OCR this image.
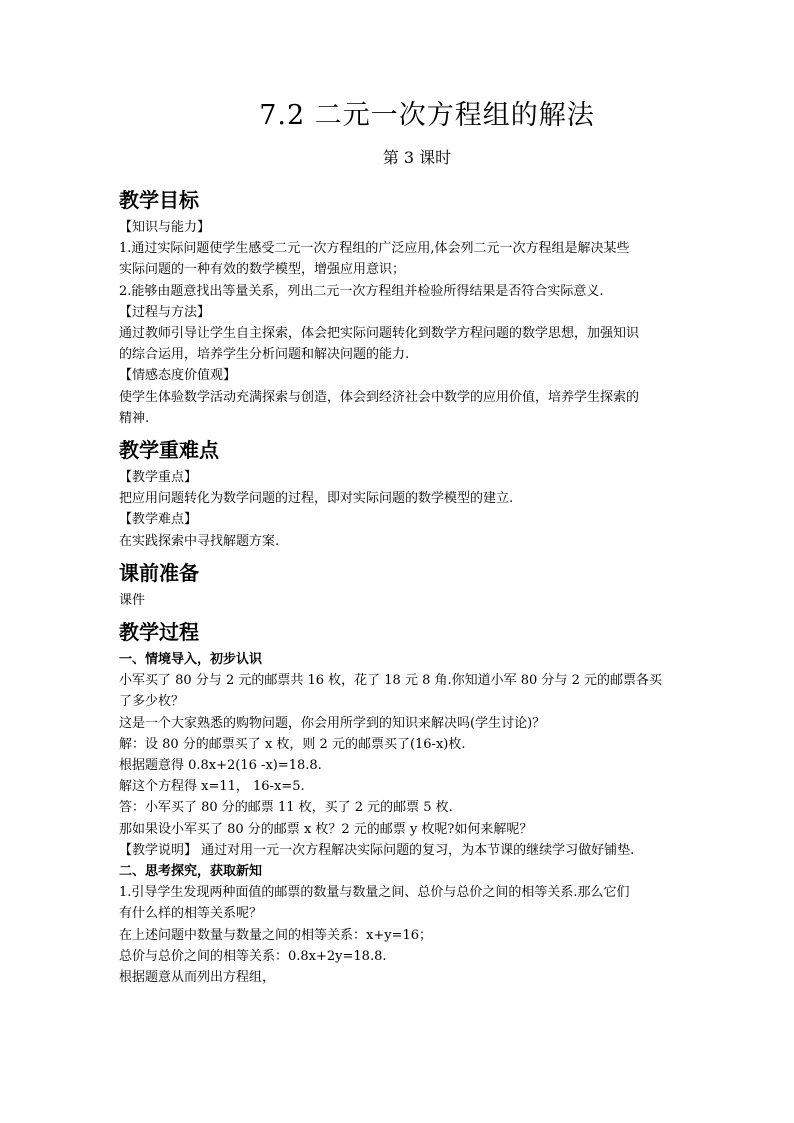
7.2 二元一次方程组的解法
第 3 课时
教学目标
【知识与能力】
1.通过实际问题使学生感受二元一次方程组的广泛应用,体会列二元一次方程组是解决某些
实际问题的一种有效的数学模型，增强应用意识；
2.能够由题意找出等量关系，列出二元一次方程组并检验所得结果是否符合实际意义.
【过程与方法】
通过教师引导让学生自主探索，体会把实际问题转化到数学方程问题的数学思想，加强知识
的综合运用，培养学生分析问题和解决问题的能力.
【情感态度价值观】
使学生体验数学活动充满探索与创造，体会到经济社会中数学的应用价值，培养学生探索的
精神.
教学重难点
【教学重点】
把应用问题转化为数学问题的过程，即对实际问题的数学模型的建立.
【教学难点】
在实践探索中寻找解题方案.
课前准备
课件
教学过程
一、情境导入，初步认识
小军买了 80 分与 2 元的邮票共 16 枚，花了 18 元 8 角.你知道小军 80 分与 2 元的邮票各买
了多少枚？
这是一个大家熟悉的购物问题，你会用所学到的知识来解决吗(学生讨论)？
解：设 80 分的邮票买了 x 枚，则 2 元的邮票买了(16-x)枚.
根据题意得 0.8x+2(16 -x)=18.8.
解这个方程得 x=11， 16-x=5.
答：小军买了 80 分的邮票 11 枚，买了 2 元的邮票 5 枚.
那如果设小军买了 80 分的邮票 x 枚？2 元的邮票 y 枚呢?如何来解呢？
【教学说明】 通过对用一元一次方程解决实际问题的复习，为本节课的继续学习做好铺垫.
二、思考探究，获取新知
1.引导学生发现两种面值的邮票的数量与数量之间、总价与总价之间的相等关系.那么它们
有什么样的相等关系呢？
在上述问题中数量与数量之间的相等关系：x+y=16；
总价与总价之间的相等关系：0.8x+2y=18.8.
根据题意从而列出方程组，
